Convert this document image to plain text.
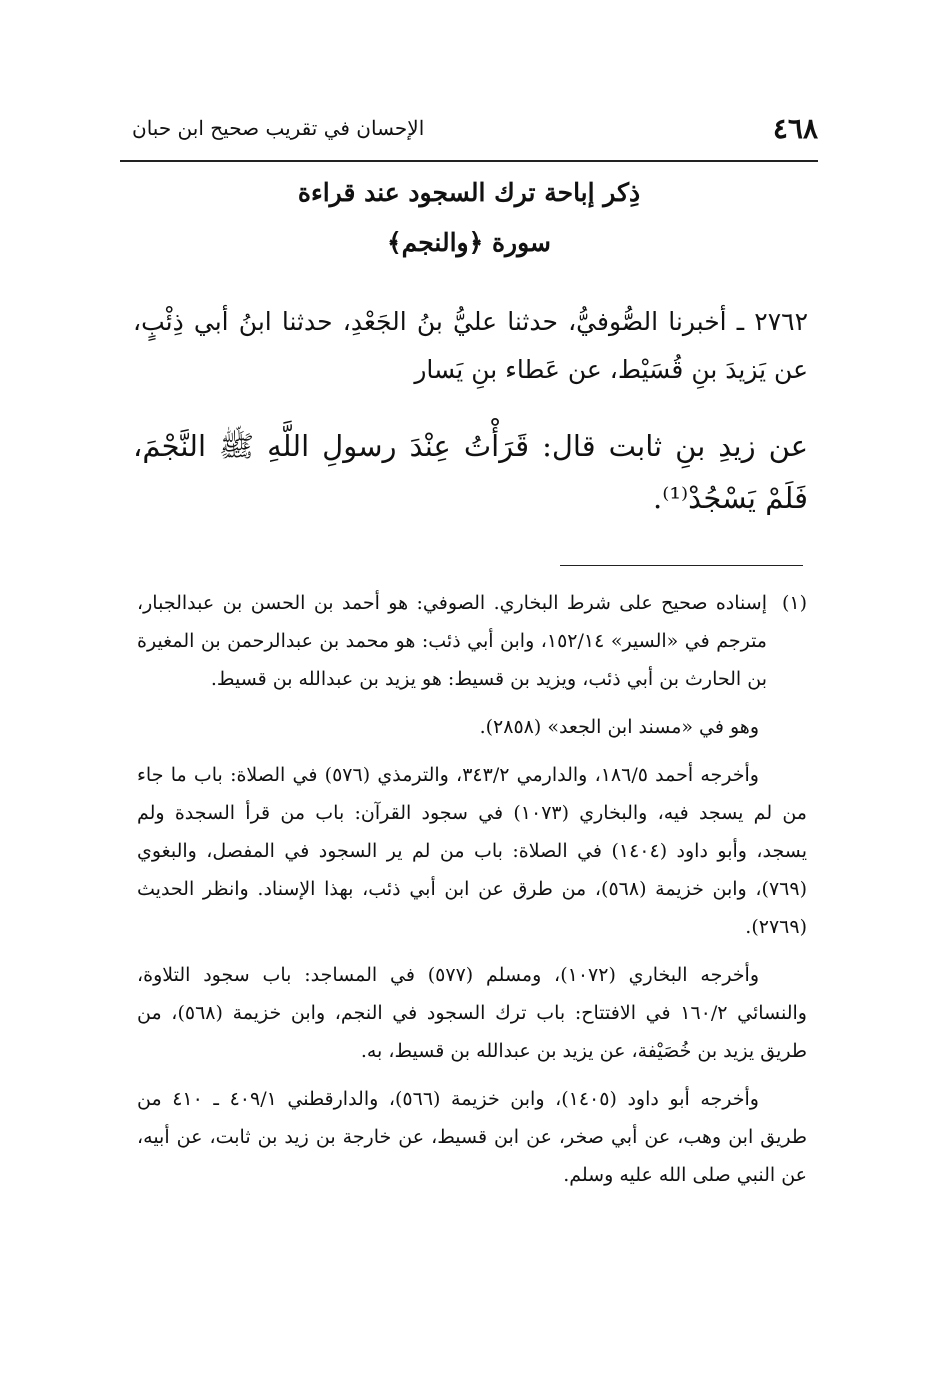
٤٦٨
الإحسان في تقريب صحيح ابن حبان
ذِكر إباحة ترك السجود عند قراءة
سورة ﴿والنجم﴾
٢٧٦٢ ـ أخبرنا الصُّوفيُّ، حدثنا عليُّ بنُ الجَعْدِ، حدثنا ابنُ أبي ذِئْبٍ، عن يَزيدَ بنِ قُسَيْط، عن عَطاء بنِ يَسار
عن زيدِ بنِ ثابت قال: قَرَأْتُ عِنْدَ رسولِ اللَّهِ ﷺ النَّجْمَ، فَلَمْ يَسْجُدْ⁽¹⁾.

(١)
إسناده صحيح على شرط البخاري. الصوفي: هو أحمد بن الحسن بن عبدالجبار، مترجم في «السير» ١٥٢/١٤، وابن أبي ذئب: هو محمد بن عبدالرحمن بن المغيرة بن الحارث بن أبي ذئب، ويزيد بن قسيط: هو يزيد بن عبدالله بن قسيط.

وهو في «مسند ابن الجعد» (٢٨٥٨).

وأخرجه أحمد ١٨٦/٥، والدارمي ٣٤٣/٢، والترمذي (٥٧٦) في الصلاة: باب ما جاء من لم يسجد فيه، والبخاري (١٠٧٣) في سجود القرآن: باب من قرأ السجدة ولم يسجد، وأبو داود (١٤٠٤) في الصلاة: باب من لم ير السجود في المفصل، والبغوي (٧٦٩)، وابن خزيمة (٥٦٨)، من طرق عن ابن أبي ذئب، بهذا الإسناد. وانظر الحديث (٢٧٦٩).

وأخرجه البخاري (١٠٧٢)، ومسلم (٥٧٧) في المساجد: باب سجود التلاوة، والنسائي ١٦٠/٢ في الافتتاح: باب ترك السجود في النجم، وابن خزيمة (٥٦٨)، من طريق يزيد بن خُصَيْفة، عن يزيد بن عبدالله بن قسيط، به.

وأخرجه أبو داود (١٤٠٥)، وابن خزيمة (٥٦٦)، والدارقطني ٤٠٩/١ ـ ٤١٠ من طريق ابن وهب، عن أبي صخر، عن ابن قسيط، عن خارجة بن زيد بن ثابت، عن أبيه، عن النبي صلى الله عليه وسلم.
